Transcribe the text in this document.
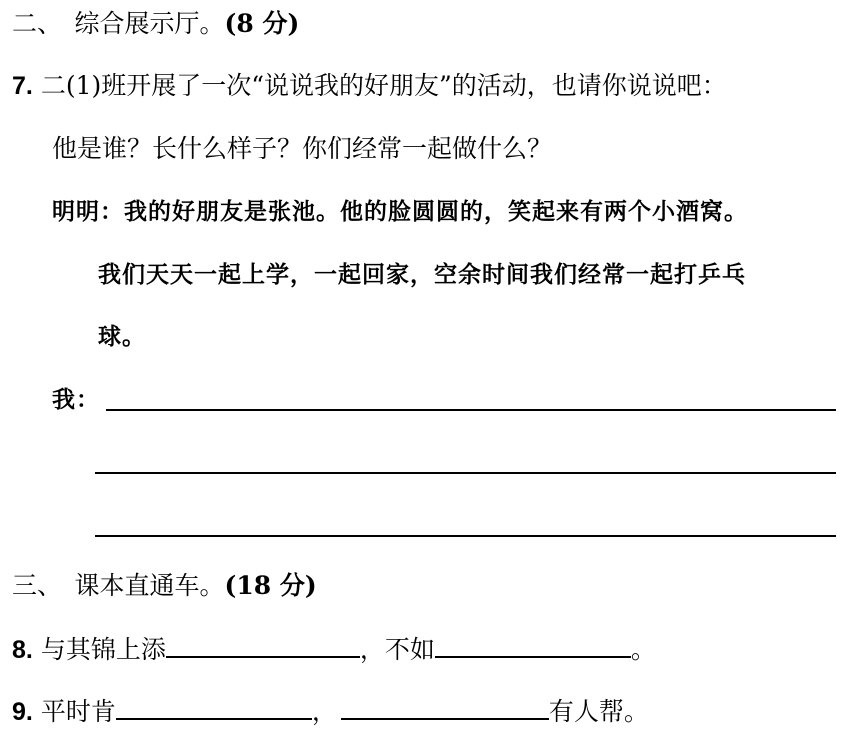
二、　综合展示厅。(8 分)
7. 二(1)班开展了一次“说说我的好朋友”的活动，也请你说说吧：
他是谁？长什么样子？你们经常一起做什么？
明明：我的好朋友是张池。他的脸圆圆的，笑起来有两个小酒窝。
我们天天一起上学，一起回家，空余时间我们经常一起打乒乓
球。
我：
三、　课本直通车。(18 分)
8. 与其锦上添	，不如	。
9. 平时肯	，	有人帮。
